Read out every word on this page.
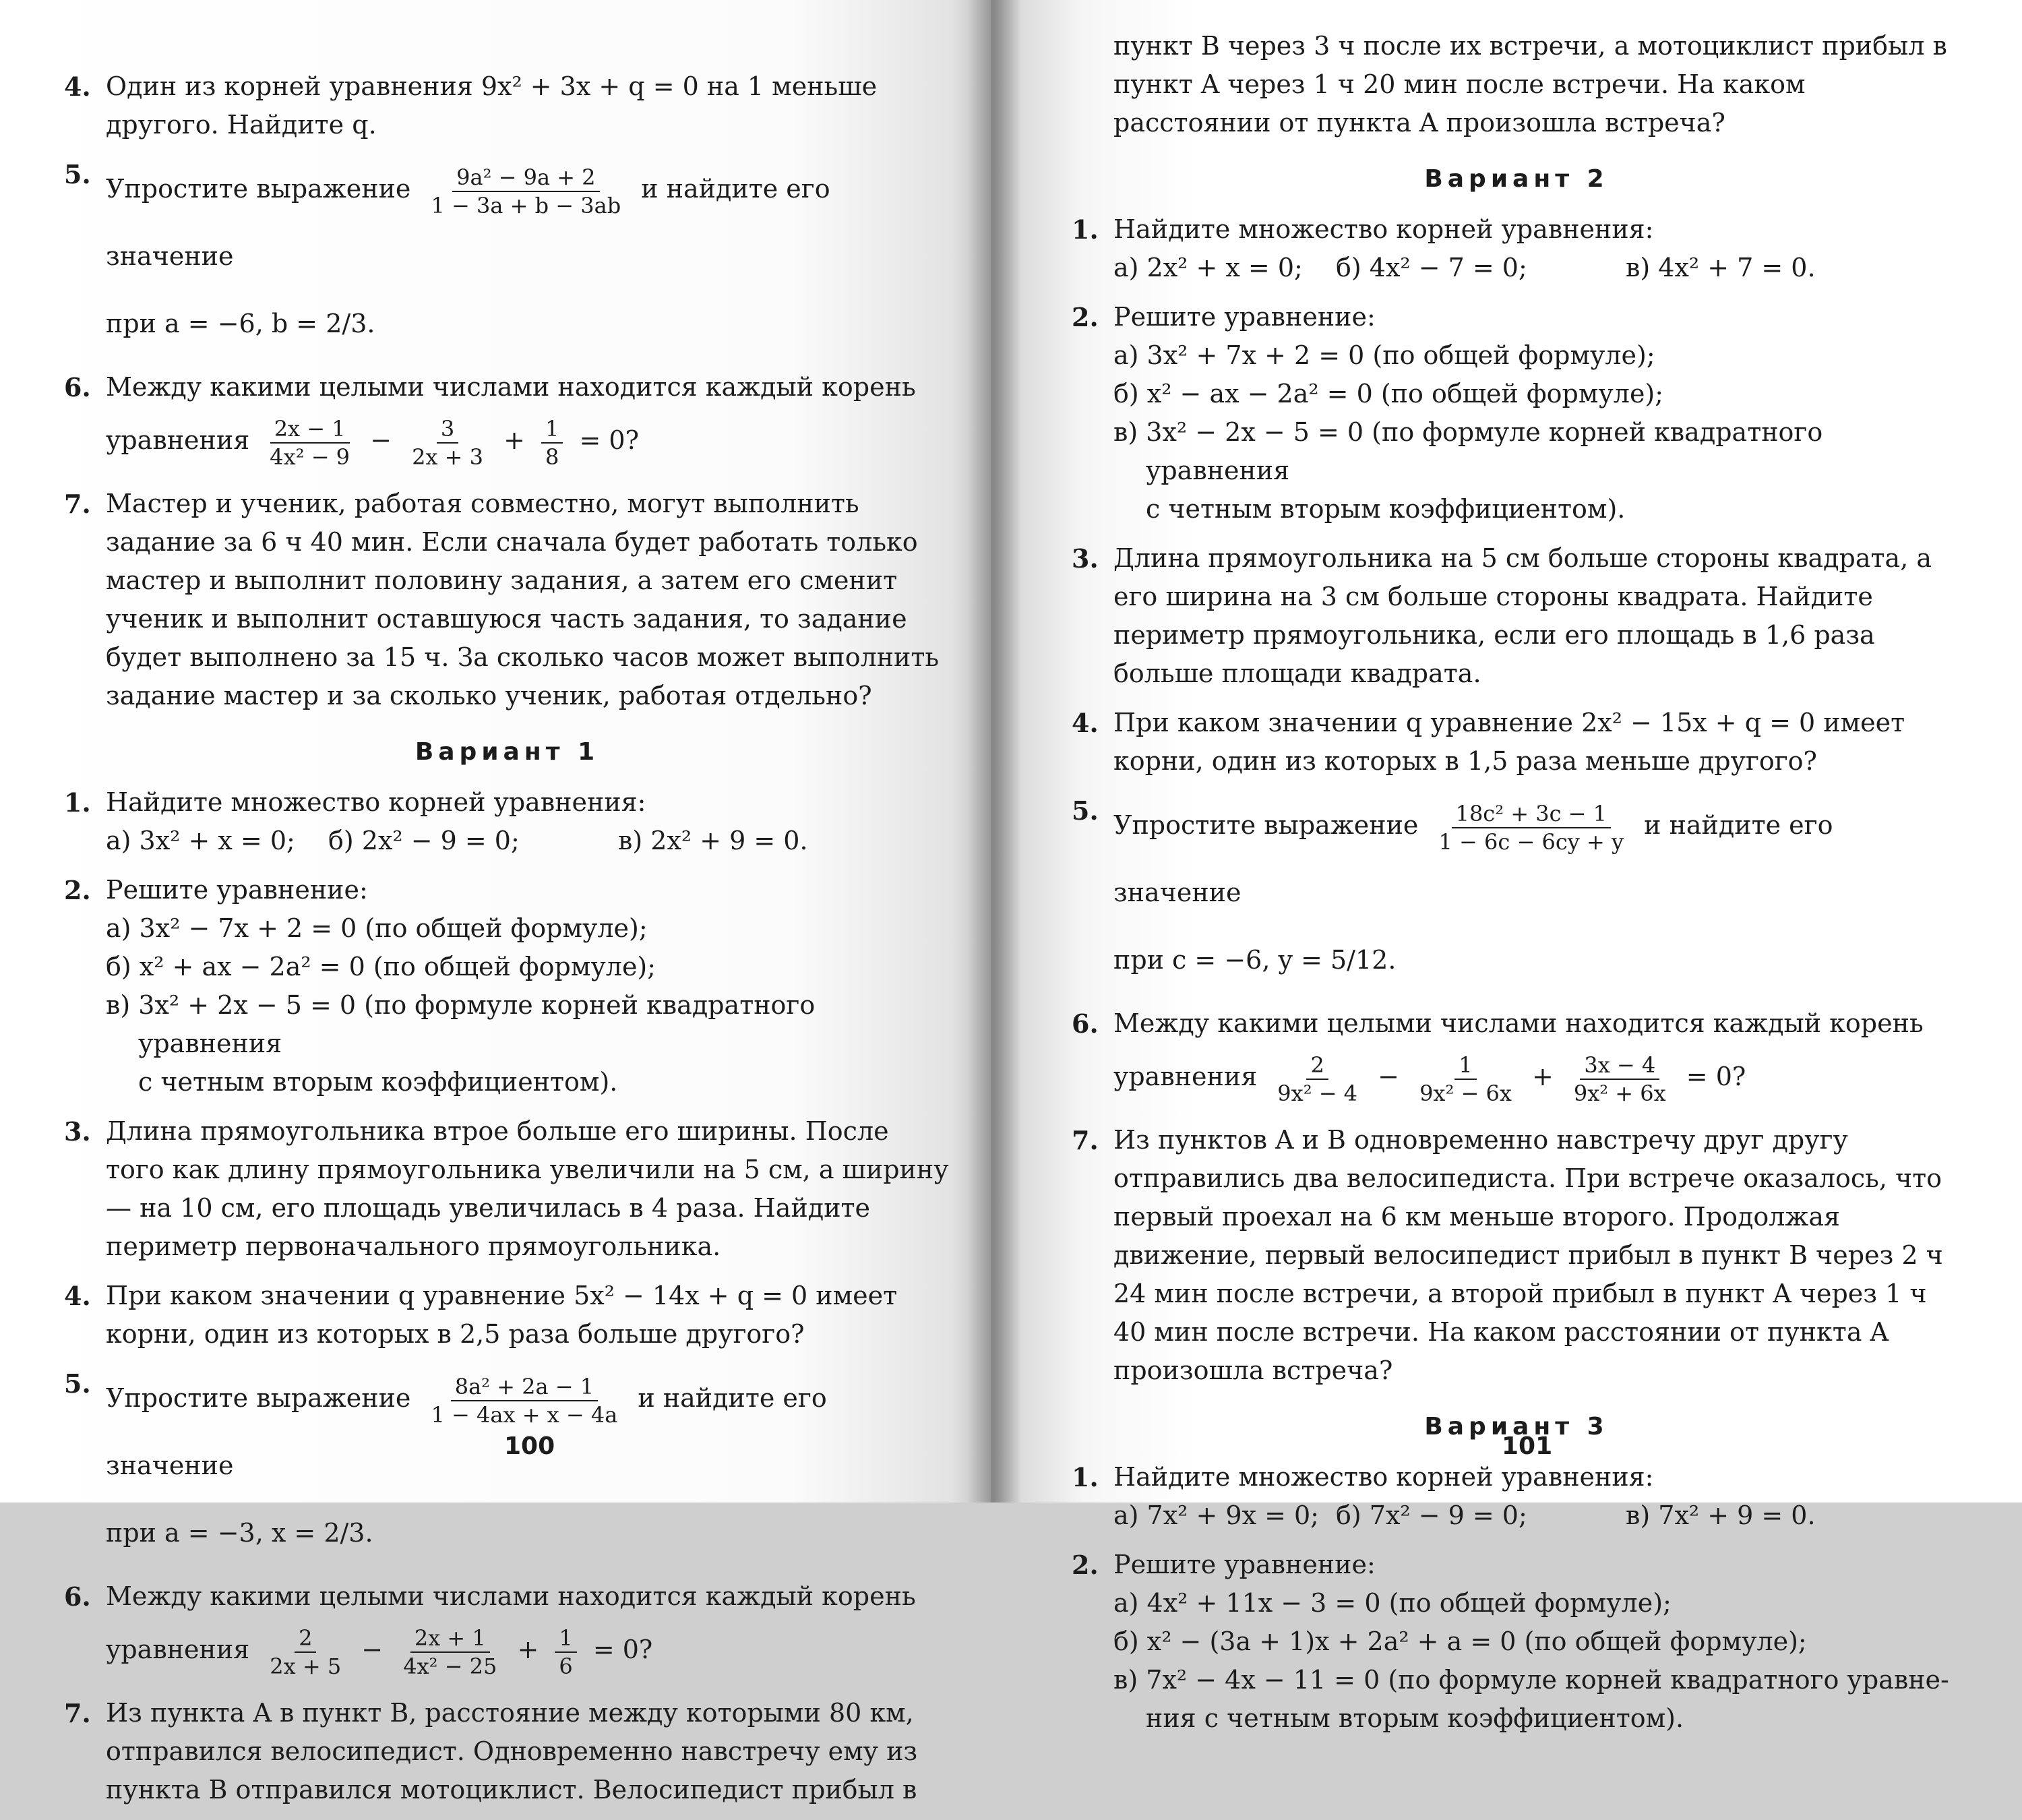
4. Один из корней уравнения 9x² + 3x + q = 0 на 1 меньше другого. Найдите q.
5. Упростите выражение $\frac{\text{9a² − 9a + 2}}{1 - 3a + b - 3ab}$ и найдите его значение
при a = −6, b = 2/3.
6. Между какими целыми числами находится каждый корень
уравнения $\frac{2x - 1}{\text{4x² − 9}} - \frac{3}{2x + 3} + \frac{1}{8} = 0$?
7. Мастер и ученик, работая совместно, могут выполнить задание за 6 ч 40 мин. Если сначала будет работать только мастер и выполнит половину задания, а затем его сменит ученик и выполнит оставшуюся часть задания, то задание будет выполнено за 15 ч. За сколько часов может выполнить задание мастер и за сколько ученик, работая отдельно?
Вариант 1
1. Найдите множество корней уравнения:
а) 3x² + x = 0;	б) 2x² − 9 = 0;	в) 2x² + 9 = 0.
2. Решите уравнение:
а) 3x² − 7x + 2 = 0 (по общей формуле);
б) x² + ax − 2a² = 0 (по общей формуле);
в) 3x² + 2x − 5 = 0 (по формуле корней квадратного уравнения
с четным вторым коэффициентом).
3. Длина прямоугольника втрое больше его ширины. После того как длину прямоугольника увеличили на 5 см, а ширину — на 10 см, его площадь увеличилась в 4 раза. Найдите периметр первоначального прямоугольника.
4. При каком значении q уравнение 5x² − 14x + q = 0 имеет корни, один из которых в 2,5 раза больше другого?
5. Упростите выражение $\frac{\text{8a² + 2a − 1}}{1 - 4ax + x - 4a}$ и найдите его значение
при a = −3, x = 2/3.
6. Между какими целыми числами находится каждый корень
уравнения $\frac{2}{2x + 5} - \frac{2x + 1}{\text{4x² − 25}} + \frac{1}{6} = 0$?
7. Из пункта A в пункт B, расстояние между которыми 80 км, отправился велосипедист. Одновременно навстречу ему из пункта B отправился мотоциклист. Велосипедист прибыл в
100
пункт B через 3 ч после их встречи, а мотоциклист прибыл в пункт A через 1 ч 20 мин после встречи. На каком расстоянии от пункта A произошла встреча?
Вариант 2
1. Найдите множество корней уравнения:
а) 2x² + x = 0;	б) 4x² − 7 = 0;	в) 4x² + 7 = 0.
2. Решите уравнение:
а) 3x² + 7x + 2 = 0 (по общей формуле);
б) x² − ax − 2a² = 0 (по общей формуле);
в) 3x² − 2x − 5 = 0 (по формуле корней квадратного уравнения
с четным вторым коэффициентом).
3. Длина прямоугольника на 5 см больше стороны квадрата, а его ширина на 3 см больше стороны квадрата. Найдите периметр прямоугольника, если его площадь в 1,6 раза больше площади квадрата.
4. При каком значении q уравнение 2x² − 15x + q = 0 имеет корни, один из которых в 1,5 раза меньше другого?
5. Упростите выражение $\frac{\text{18c² + 3c − 1}}{1 - 6c - 6cy + y}$ и найдите его значение
при c = −6, y = 5/12.
6. Между какими целыми числами находится каждый корень
уравнения $\frac{2}{\text{9x² − 4}} - \frac{1}{\text{9x² − 6x}} + \frac{3x - 4}{\text{9x² + 6x}} = 0$?
7. Из пунктов A и B одновременно навстречу друг другу отправились два велосипедиста. При встрече оказалось, что первый проехал на 6 км меньше второго. Продолжая движение, первый велосипедист прибыл в пункт B через 2 ч 24 мин после встречи, а второй прибыл в пункт A через 1 ч 40 мин после встречи. На каком расстоянии от пункта A произошла встреча?
Вариант 3
1. Найдите множество корней уравнения:
а) 7x² + 9x = 0; б) 7x² − 9 = 0;	в) 7x² + 9 = 0.
2. Решите уравнение:
а) 4x² + 11x − 3 = 0 (по общей формуле);
б) x² − (3a + 1)x + 2a² + a = 0 (по общей формуле);
в) 7x² − 4x − 11 = 0 (по формуле корней квадратного уравне-
ния с четным вторым коэффициентом).
101
